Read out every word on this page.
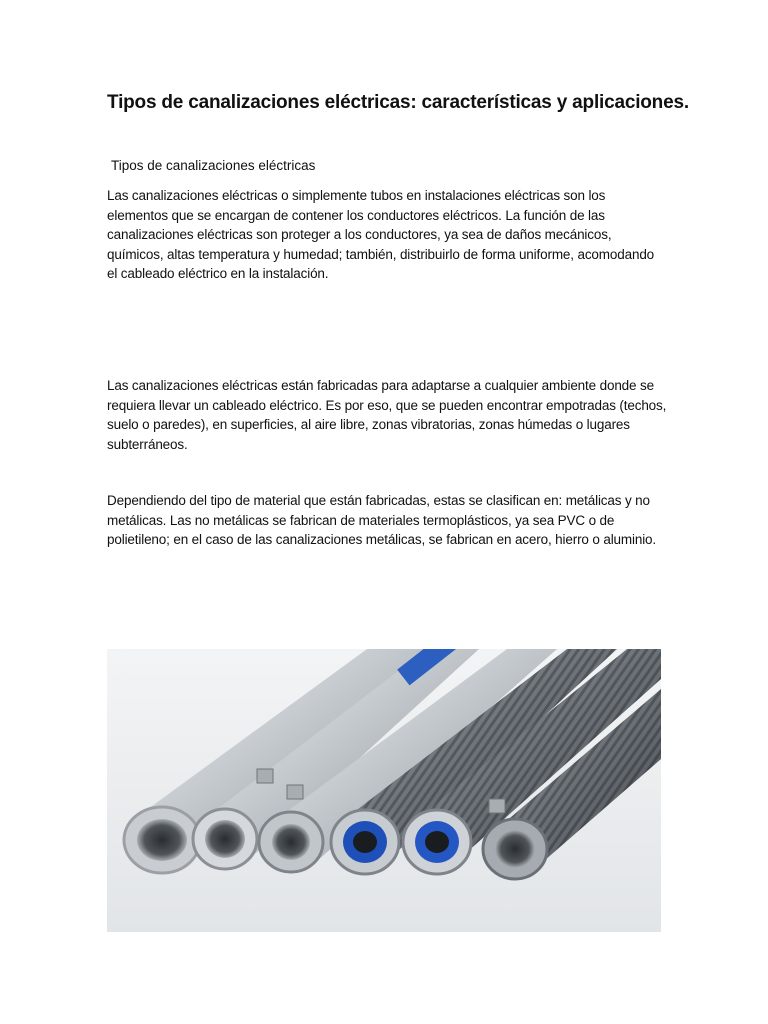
Tipos de canalizaciones eléctricas: características y aplicaciones.

Tipos de canalizaciones eléctricas

Las canalizaciones eléctricas o simplemente tubos en instalaciones eléctricas son los elementos que se encargan de contener los conductores eléctricos. La función de las canalizaciones eléctricas son proteger a los conductores, ya sea de daños mecánicos, químicos, altas temperatura y humedad; también, distribuirlo de forma uniforme, acomodando el cableado eléctrico en la instalación.

Las canalizaciones eléctricas están fabricadas para adaptarse a cualquier ambiente donde se requiera llevar un cableado eléctrico. Es por eso, que se pueden encontrar empotradas (techos, suelo o paredes), en superficies, al aire libre, zonas vibratorias, zonas húmedas o lugares subterráneos.

Dependiendo del tipo de material que están fabricadas, estas se clasifican en: metálicas y no metálicas. Las no metálicas se fabrican de materiales termoplásticos, ya sea PVC o de polietileno; en el caso de las canalizaciones metálicas, se fabrican en acero, hierro o aluminio.
